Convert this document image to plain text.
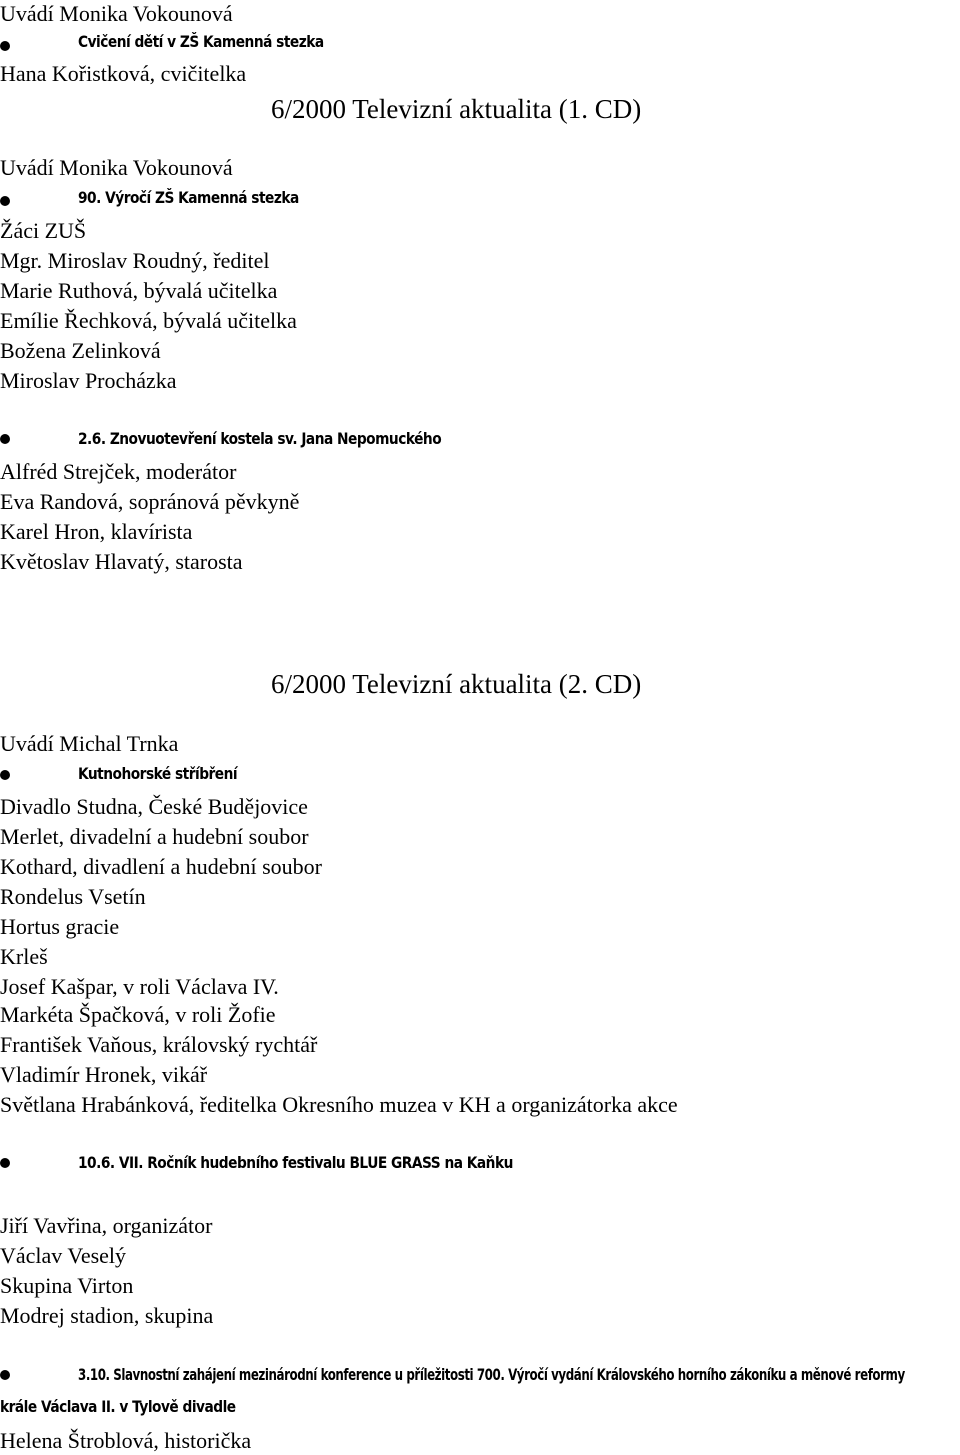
Uvádí Monika Vokounová
Cvičení dětí v ZŠ Kamenná stezka
Hana Kořistková, cvičitelka
6/2000 Televizní aktualita (1. CD)
Uvádí Monika Vokounová
90. Výročí ZŠ Kamenná stezka
Žáci ZUŠ
Mgr. Miroslav Roudný, ředitel
Marie Ruthová, bývalá učitelka
Emílie Řechková, bývalá učitelka
Božena Zelinková
Miroslav Procházka
2.6. Znovuotevření kostela sv. Jana Nepomuckého
Alfréd Strejček, moderátor
Eva Randová, sopránová pěvkyně
Karel Hron, klavírista
Květoslav Hlavatý, starosta
6/2000 Televizní aktualita (2. CD)
Uvádí Michal Trnka
Kutnohorské stříbření
Divadlo Studna, České Budějovice
Merlet, divadelní a hudební soubor
Kothard, divadlení a hudební soubor
Rondelus Vsetín
Hortus gracie
Krleš
Josef Kašpar, v roli Václava IV.
Markéta Špačková, v roli Žofie
František Vaňous, královský rychtář
Vladimír Hronek, vikář
Světlana Hrabánková, ředitelka Okresního muzea v KH a organizátorka akce
10.6. VII. Ročník hudebního festivalu BLUE GRASS na Kaňku
Jiří Vavřina, organizátor
Václav Veselý
Skupina Virton
Modrej stadion, skupina
3.10. Slavnostní zahájení mezinárodní konference u příležitosti 700. Výročí vydání Královského horního zákoníku a měnové reformy
krále Václava II. v Tylově divadle
Helena Štroblová, historička
